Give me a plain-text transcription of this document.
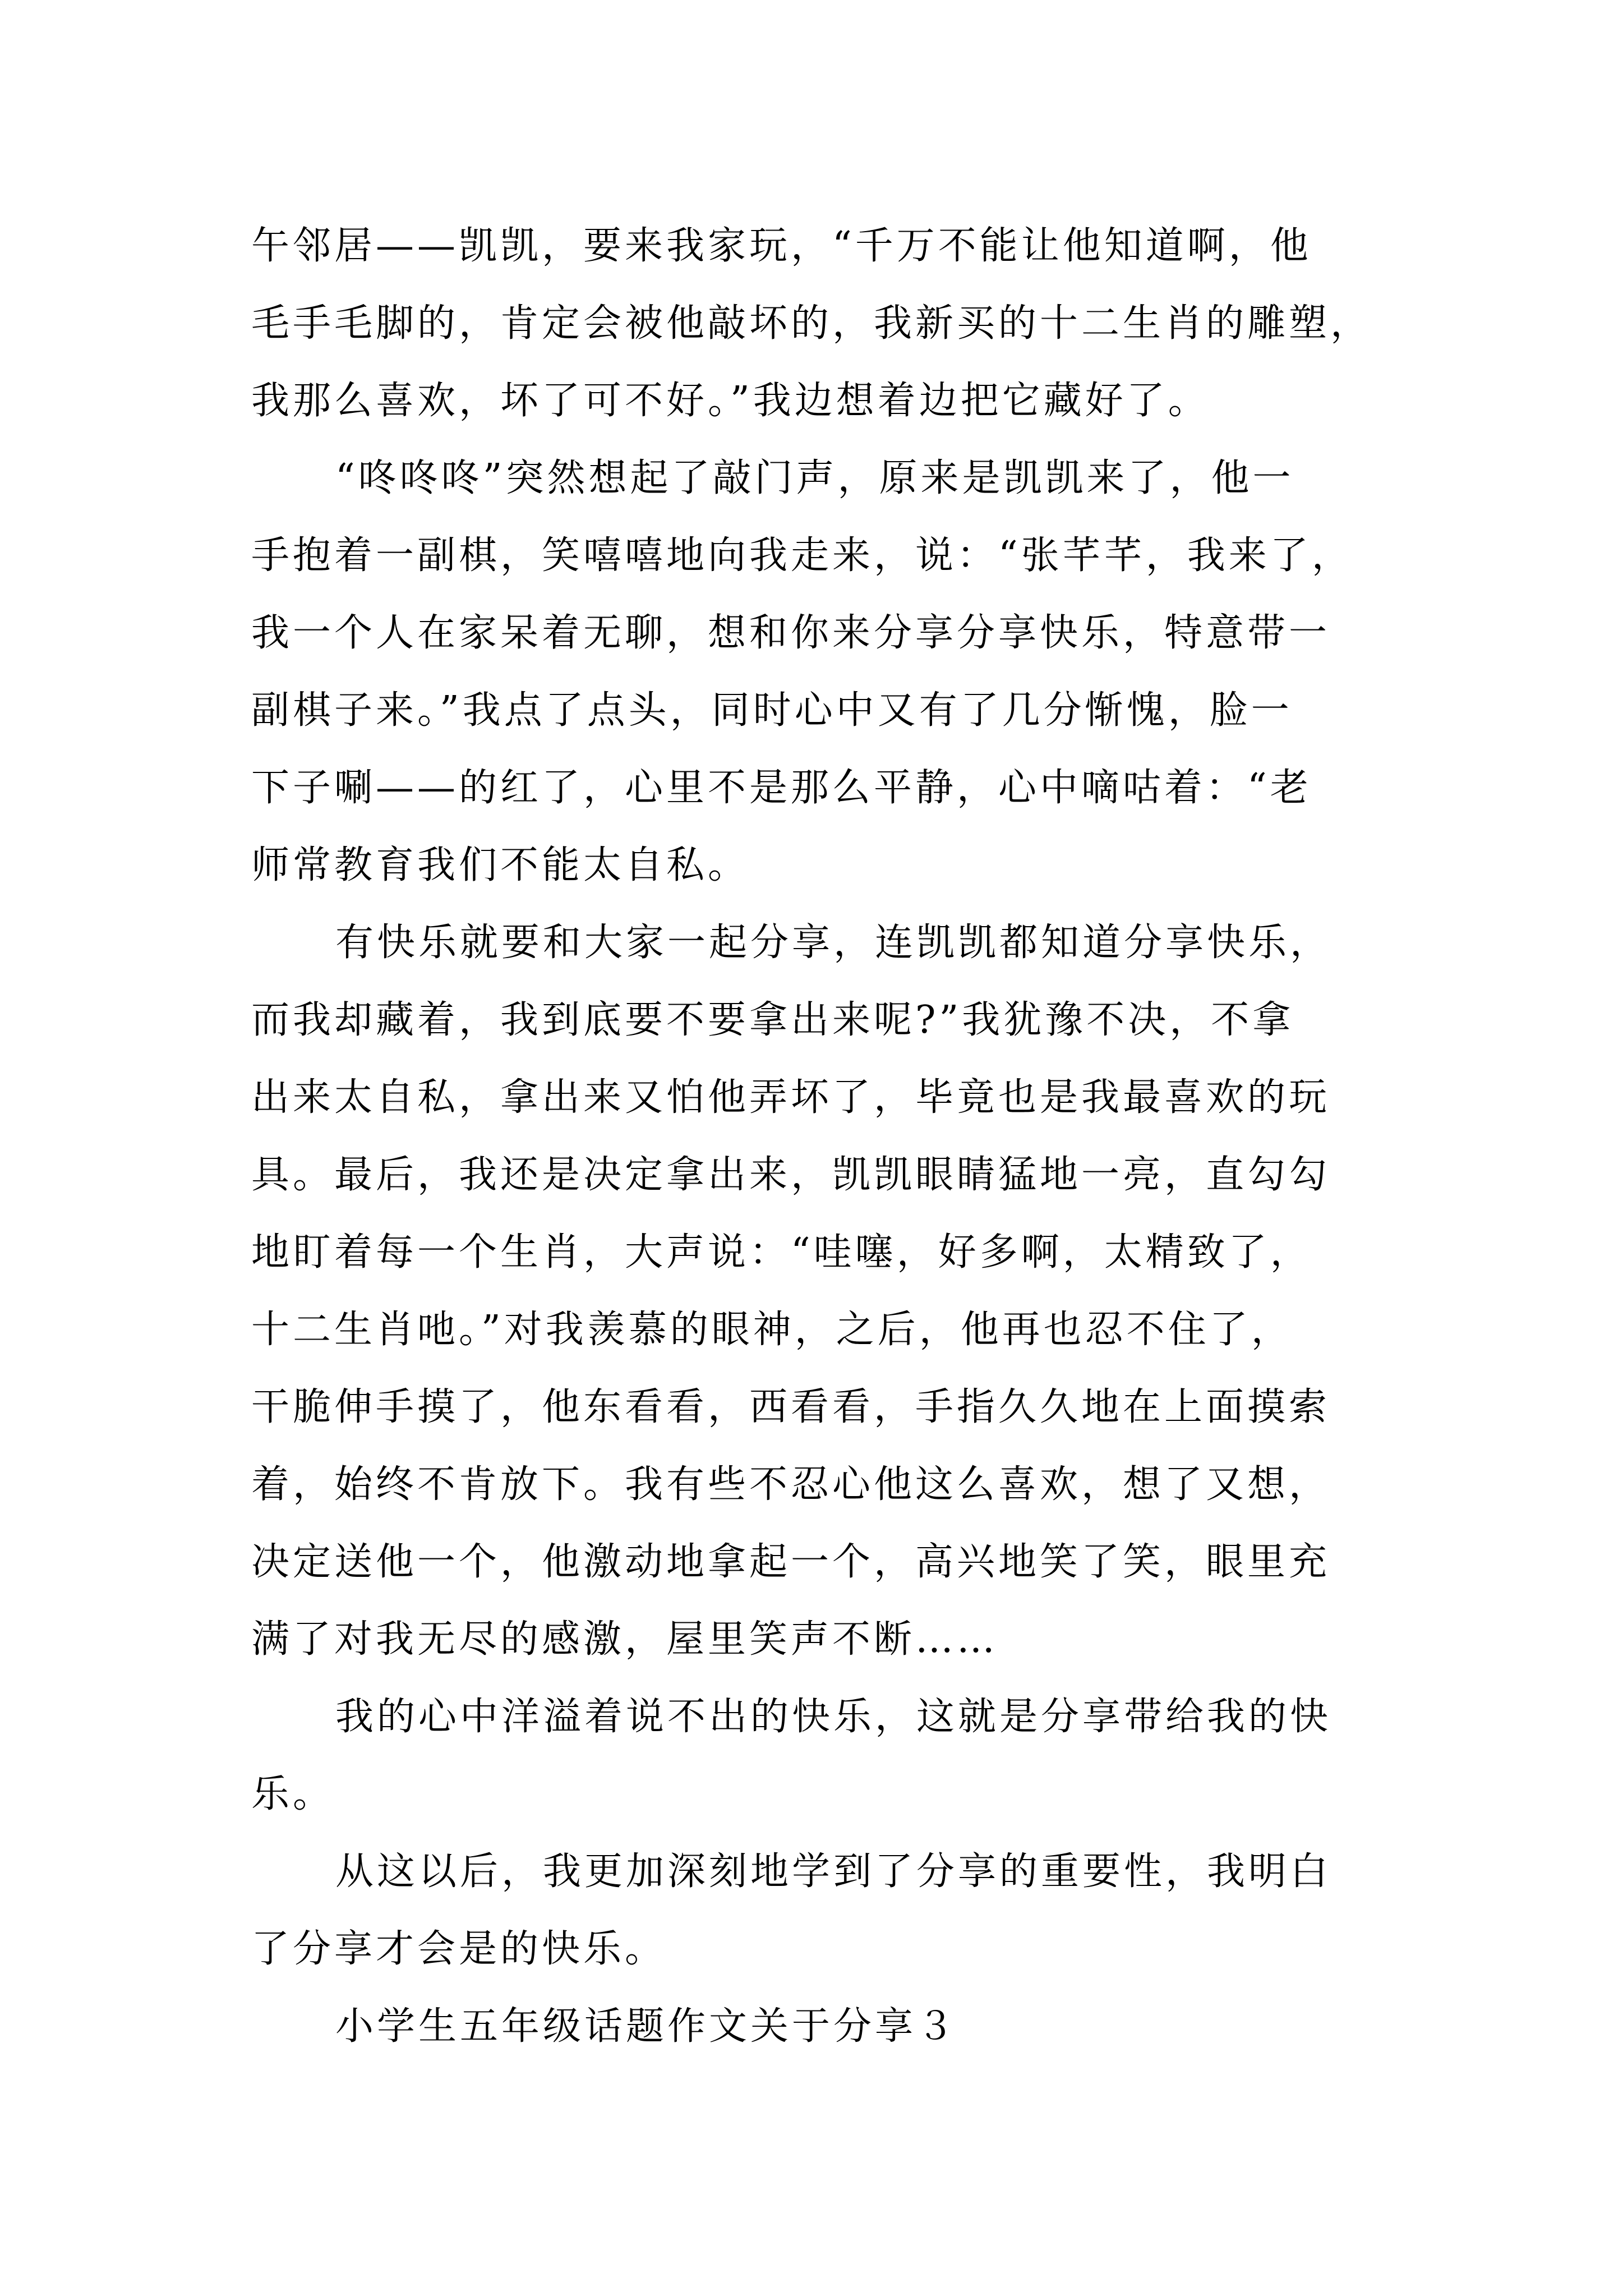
午邻居——凯凯，要来我家玩，“千万不能让他知道啊，他
毛手毛脚的，肯定会被他敲坏的，我新买的十二生肖的雕塑，
我那么喜欢，坏了可不好。”我边想着边把它藏好了。
“咚咚咚”突然想起了敲门声，原来是凯凯来了，他一
手抱着一副棋，笑嘻嘻地向我走来，说：“张芊芊，我来了，
我一个人在家呆着无聊，想和你来分享分享快乐，特意带一
副棋子来。”我点了点头，同时心中又有了几分惭愧，脸一
下子唰——的红了，心里不是那么平静，心中嘀咕着：“老
师常教育我们不能太自私。
有快乐就要和大家一起分享，连凯凯都知道分享快乐，
而我却藏着，我到底要不要拿出来呢?”我犹豫不决，不拿
出来太自私，拿出来又怕他弄坏了，毕竟也是我最喜欢的玩
具。最后，我还是决定拿出来，凯凯眼睛猛地一亮，直勾勾
地盯着每一个生肖，大声说：“哇噻，好多啊，太精致了，
十二生肖吔。”对我羡慕的眼神，之后，他再也忍不住了，
干脆伸手摸了，他东看看，西看看，手指久久地在上面摸索
着，始终不肯放下。我有些不忍心他这么喜欢，想了又想，
决定送他一个，他激动地拿起一个，高兴地笑了笑，眼里充
满了对我无尽的感激，屋里笑声不断……
我的心中洋溢着说不出的快乐，这就是分享带给我的快
乐。
从这以后，我更加深刻地学到了分享的重要性，我明白
了分享才会是的快乐。
小学生五年级话题作文关于分享３
